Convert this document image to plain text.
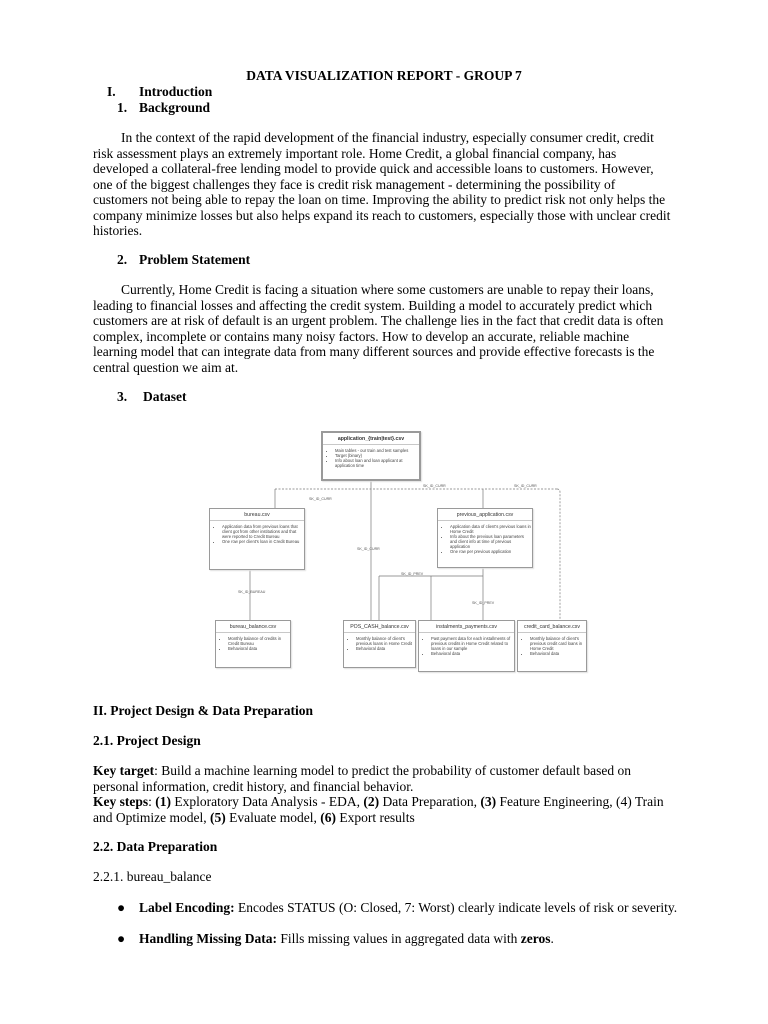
DATA VISUALIZATION REPORT - GROUP 7
I. Introduction
1. Background

In the context of the rapid development of the financial industry, especially consumer credit, credit risk assessment plays an extremely important role. Home Credit, a global financial company, has developed a collateral-free lending model to provide quick and accessible loans to customers. However, one of the biggest challenges they face is credit risk management - determining the possibility of customers not being able to repay the loan on time. Improving the ability to predict risk not only helps the company minimize losses but also helps expand its reach to customers, especially those with unclear credit histories.

2. Problem Statement

Currently, Home Credit is facing a situation where some customers are unable to repay their loans, leading to financial losses and affecting the credit system. Building a model to accurately predict which customers are at risk of default is an urgent problem. The challenge lies in the fact that credit data is often complex, incomplete or contains many noisy factors. How to develop an accurate, reliable machine learning model that can integrate data from many different sources and provide effective forecasts is the central question we aim at.

3. Dataset
SK_ID_CURR
SK_ID_CURR	SK_ID_CURR
SK_ID_CURR
SK_ID_BUREAU
SK_ID_PREV
SK_ID_PREV
application_{train|test}.csv
• Main tables - our train and test samples
• Target (binary)
• Info about loan and loan applicant at application time
bureau.csv
• Application data from previous loans that client got from other institutions and that were reported to Credit Bureau
• One row per client's loan in Credit Bureau
previous_application.csv
• Application data of client's previous loans in Home Credit
• Info about the previous loan parameters and client info at time of previous application
• One row per previous application
bureau_balance.csv
• Monthly balance of credits in Credit Bureau
• Behavioral data
POS_CASH_balance.csv
• Monthly balance of client's previous loans in Home Credit
• Behavioral data
instalments_payments.csv
• Past payment data for each installments of previous credits in Home Credit related to loans in our sample
• Behavioral data
credit_card_balance.csv
• Monthly balance of client's previous credit card loans in Home Credit
• Behavioral data
II. Project Design & Data Preparation
2.1. Project Design
Key target: Build a machine learning model to predict the probability of customer default based on personal information, credit history, and financial behavior.
Key steps: (1) Exploratory Data Analysis - EDA, (2) Data Preparation, (3) Feature Engineering, (4) Train and Optimize model, (5) Evaluate model, (6) Export results
2.2. Data Preparation
2.2.1. bureau_balance
● Label Encoding: Encodes STATUS (O: Closed, 7: Worst) clearly indicate levels of risk or severity.
● Handling Missing Data: Fills missing values in aggregated data with zeros.
